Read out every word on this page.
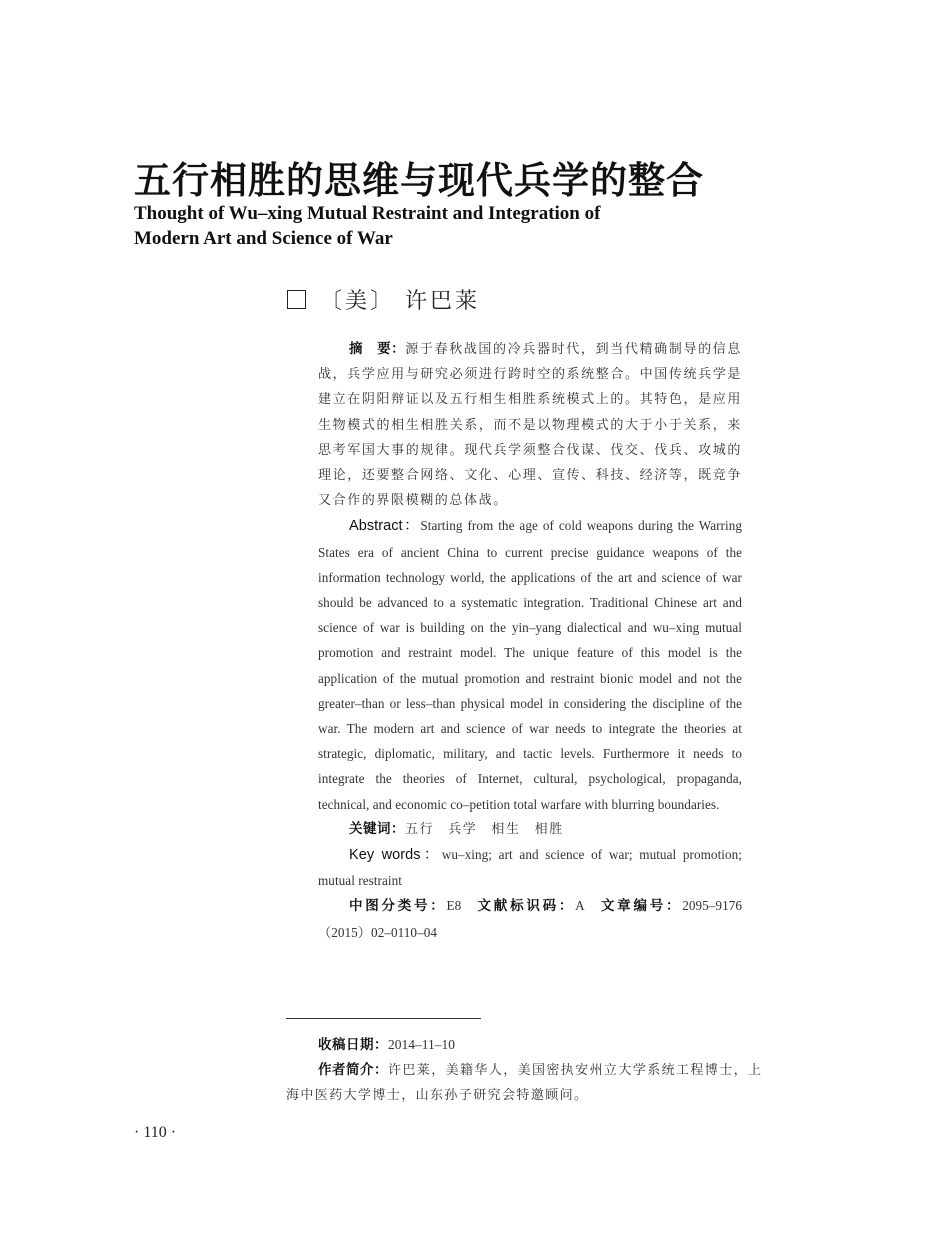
五行相胜的思维与现代兵学的整合
Thought of Wu–xing Mutual Restraint and Integration of Modern Art and Science of War
〔美〕 许巴莱

摘　要：源于春秋战国的冷兵器时代，到当代精确制导的信息战，兵学应用与研究必须进行跨时空的系统整合。中国传统兵学是建立在阴阳辩证以及五行相生相胜系统模式上的。其特色，是应用生物模式的相生相胜关系，而不是以物理模式的大于小于关系，来思考军国大事的规律。现代兵学须整合伐谋、伐交、伐兵、攻城的理论，还要整合网络、文化、心理、宣传、科技、经济等，既竞争又合作的界限模糊的总体战。

Abstract：Starting from the age of cold weapons during the Warring States era of ancient China to current precise guidance weapons of the information technology world, the applications of the art and science of war should be advanced to a systematic integration. Traditional Chinese art and science of war is building on the yin–yang dialectical and wu–xing mutual promotion and restraint model. The unique feature of this model is the application of the mutual promotion and restraint bionic model and not the greater–than or less–than physical model in considering the discipline of the war. The modern art and science of war needs to integrate the theories at strategic, diplomatic, military, and tactic levels. Furthermore it needs to integrate the theories of Internet, cultural, psychological, propaganda, technical, and economic co–petition total warfare with blurring boundaries.

关键词：五行 兵学 相生 相胜

Key words：wu–xing; art and science of war; mutual promotion; mutual restraint

中图分类号：E8 文献标识码：A 文章编号：2095–9176（2015）02–0110–04

收稿日期：2014–11–10

作者简介：许巴莱，美籍华人，美国密执安州立大学系统工程博士，上海中医药大学博士，山东孙子研究会特邀顾问。

· 110 ·
